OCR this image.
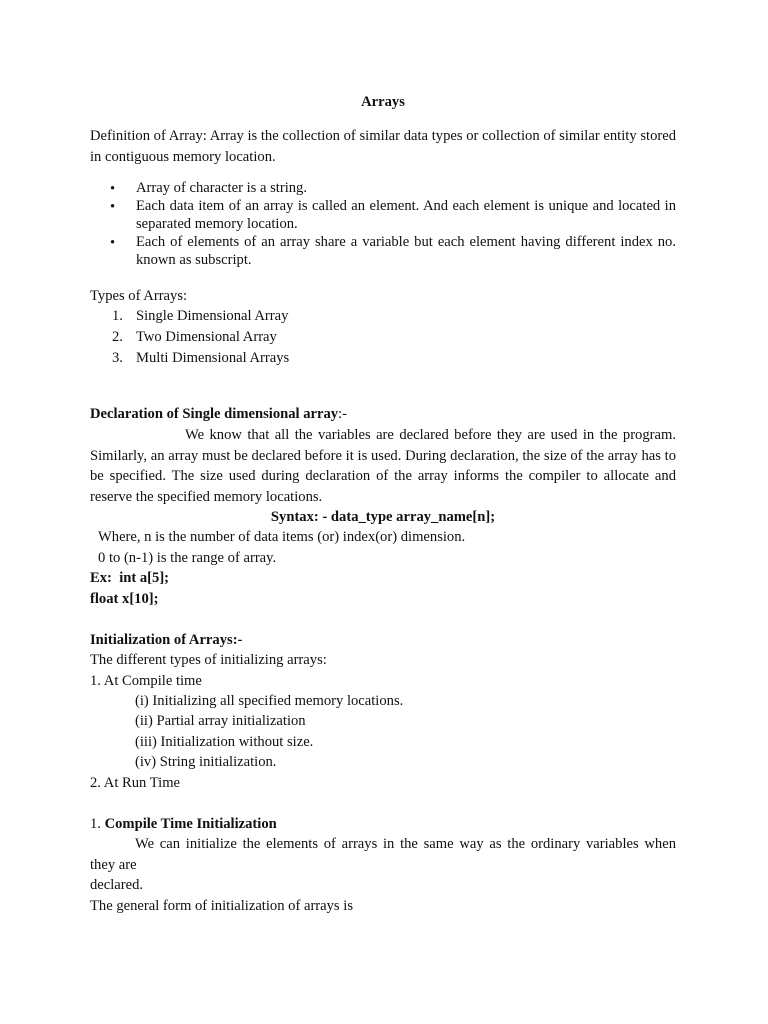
Arrays
Definition of Array: Array is the collection of similar data types or collection of similar entity stored in contiguous memory location.
• Array of character is a string.
• Each data item of an array is called an element. And each element is unique and located in separated memory location.
• Each of elements of an array share a variable but each element having different index no. known as subscript.
Types of Arrays:
1. Single Dimensional Array
2. Two Dimensional Array
3. Multi Dimensional Arrays
Declaration of Single dimensional array:-
We know that all the variables are declared before they are used in the program. Similarly, an array must be declared before it is used. During declaration, the size of the array has to be specified. The size used during declaration of the array informs the compiler to allocate and reserve the specified memory locations.
Syntax: - data_type array_name[n];
Where, n is the number of data items (or) index(or) dimension.
0 to (n-1) is the range of array.
Ex:  int a[5];
float x[10];
Initialization of Arrays:-
The different types of initializing arrays:
1. At Compile time
(i) Initializing all specified memory locations.
(ii) Partial array initialization
(iii) Initialization without size.
(iv) String initialization.
2. At Run Time
1. Compile Time Initialization
We can initialize the elements of arrays in the same way as the ordinary variables when
they are
declared.
The general form of initialization of arrays is
